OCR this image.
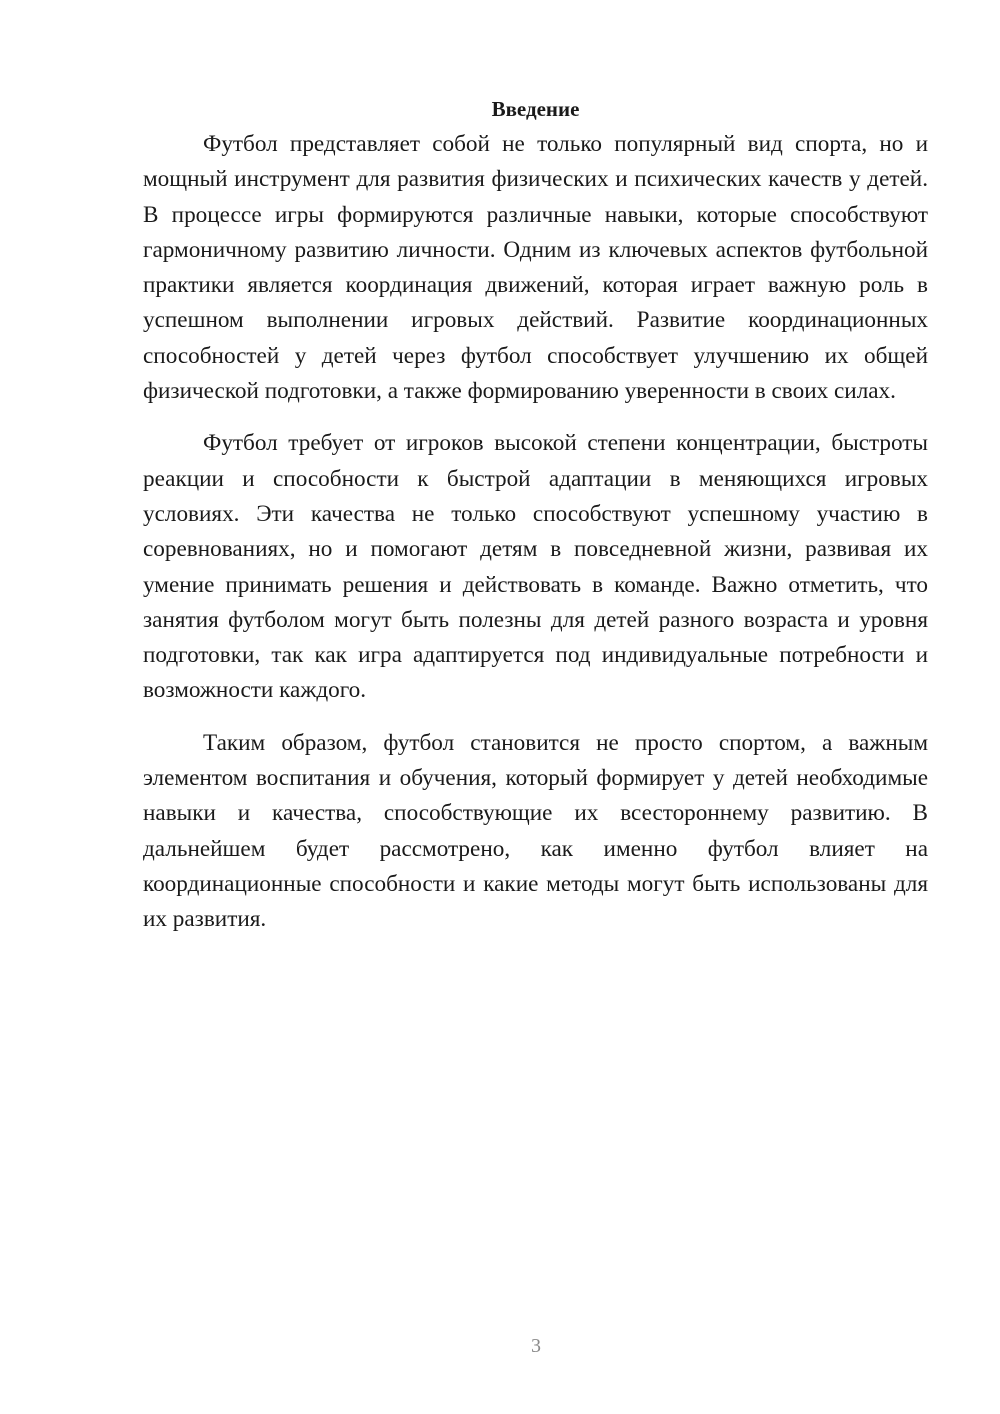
Введение

Футбол представляет собой не только популярный вид спорта, но и мощный инструмент для развития физических и психических качеств у детей. В процессе игры формируются различные навыки, которые способствуют гармоничному развитию личности. Одним из ключевых аспектов футбольной практики является координация движений, которая играет важную роль в успешном выполнении игровых действий. Развитие координационных способностей у детей через футбол способствует улучшению их общей физической подготовки, а также формированию уверенности в своих силах.

Футбол требует от игроков высокой степени концентрации, быстроты реакции и способности к быстрой адаптации в меняющихся игровых условиях. Эти качества не только способствуют успешному участию в соревнованиях, но и помогают детям в повседневной жизни, развивая их умение принимать решения и действовать в команде. Важно отметить, что занятия футболом могут быть полезны для детей разного возраста и уровня подготовки, так как игра адаптируется под индивидуальные потребности и возможности каждого.

Таким образом, футбол становится не просто спортом, а важным элементом воспитания и обучения, который формирует у детей необходимые навыки и качества, способствующие их всестороннему развитию. В дальнейшем будет рассмотрено, как именно футбол влияет на координационные способности и какие методы могут быть использованы для их развития.

3
